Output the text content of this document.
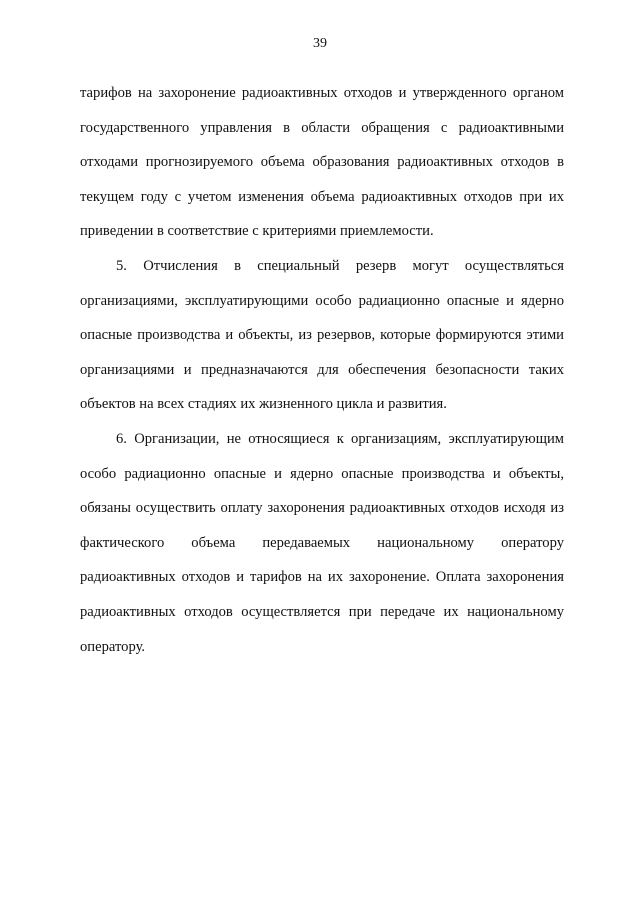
39

тарифов на захоронение радиоактивных отходов и утвержденного органом государственного управления в области обращения с радиоактивными отходами прогнозируемого объема образования радиоактивных отходов в текущем году с учетом изменения объема радиоактивных отходов при их приведении в соответствие с критериями приемлемости.

5. Отчисления в специальный резерв могут осуществляться организациями, эксплуатирующими особо радиационно опасные и ядерно опасные производства и объекты, из резервов, которые формируются этими организациями и предназначаются для обеспечения безопасности таких объектов на всех стадиях их жизненного цикла и развития.

6. Организации, не относящиеся к организациям, эксплуатирующим особо радиационно опасные и ядерно опасные производства и объекты, обязаны осуществить оплату захоронения радиоактивных отходов исходя из фактического объема передаваемых национальному оператору радиоактивных отходов и тарифов на их захоронение. Оплата захоронения радиоактивных отходов осуществляется при передаче их национальному оператору.
